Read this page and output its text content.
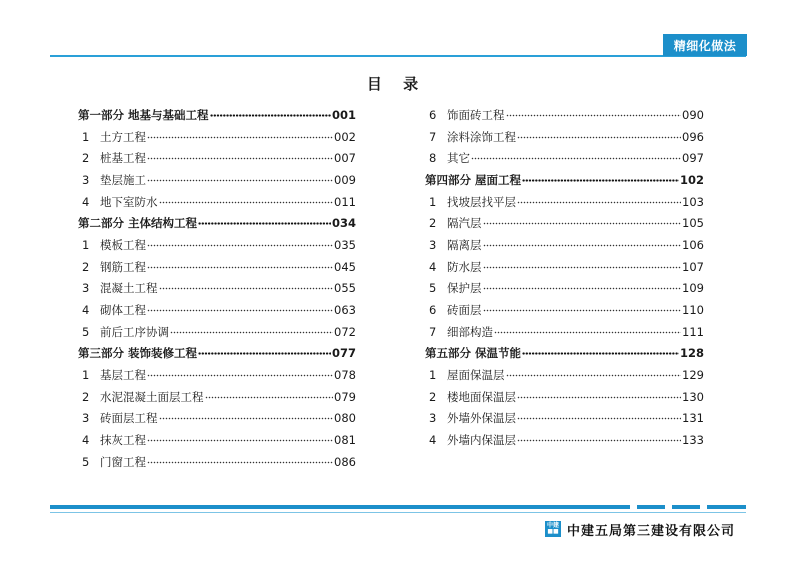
精细化做法
目 录
第一部分 地基与基础工程	001
1 土方工程	002
2 桩基工程	007
3 垫层施工	009
4 地下室防水	011
第二部分 主体结构工程	034
1 模板工程	035
2 钢筋工程	045
3 混凝土工程	055
4 砌体工程	063
5 前后工序协调	072
第三部分 装饰装修工程	077
1 基层工程	078
2 水泥混凝土面层工程	079
3 砖面层工程	080
4 抹灰工程	081
5 门窗工程	086
6 饰面砖工程	090
7 涂料涂饰工程	096
8 其它	097
第四部分 屋面工程	102
1 找坡层找平层	103
2 隔汽层	105
3 隔离层	106
4 防水层	107
5 保护层	109
6 砖面层	110
7 细部构造	111
第五部分 保温节能	128
1 屋面保温层	129
2 楼地面保温层	130
3 外墙外保温层	131
4 外墙内保温层	133
中建
■■ 中建五局第三建设有限公司
